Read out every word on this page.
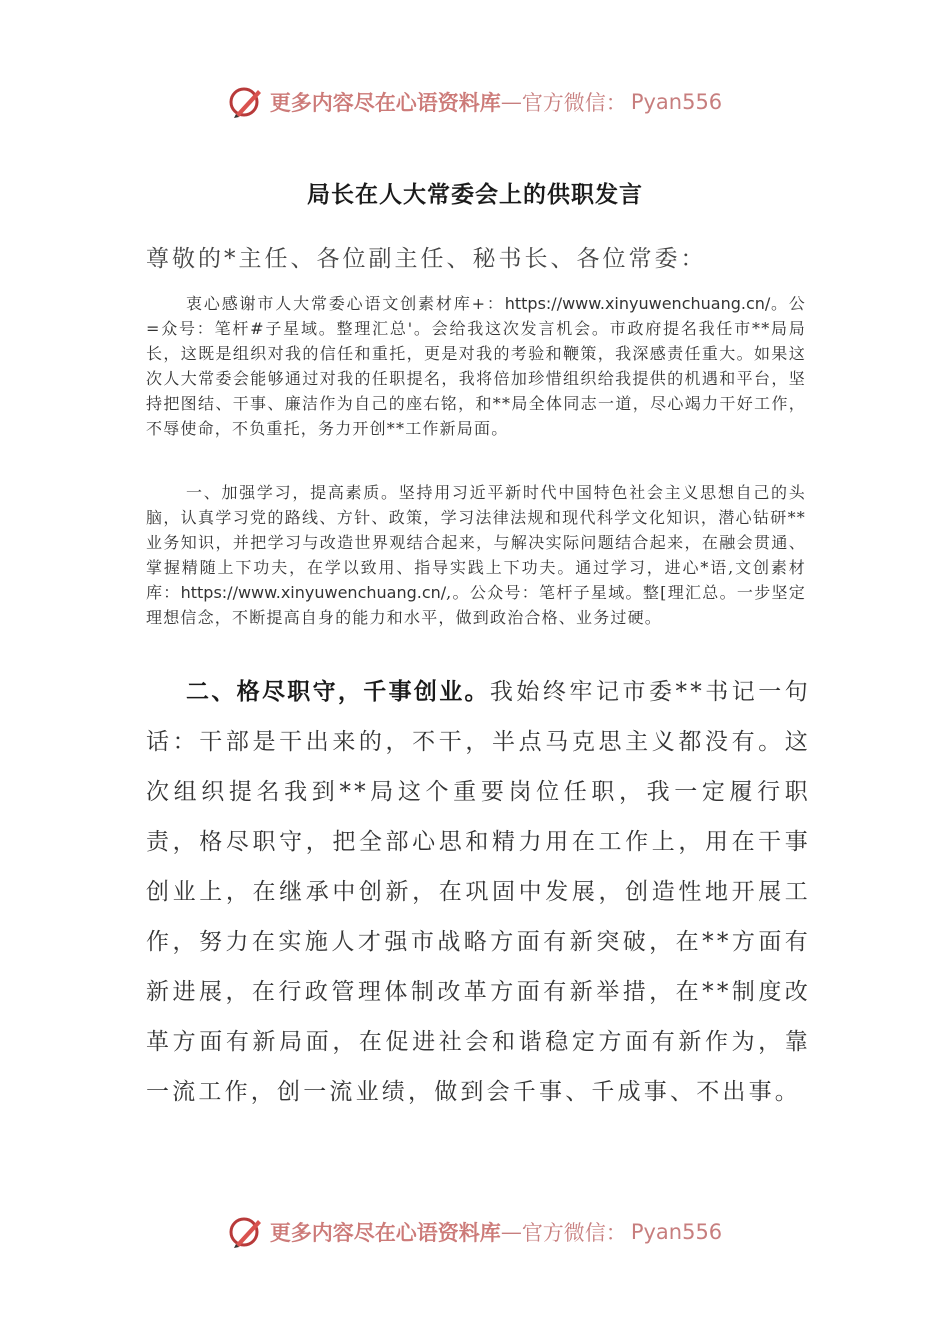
更多内容尽在心语资料库 — 官方微信： Pyan556
局长在人大常委会上的供职发言
尊敬的*主任、各位副主任、秘书长、各位常委：

衷心感谢市人大常委心语文创素材库+：https://www.xinyuwenchuang.cn/。公=众号：笔杆#子星域。整理汇总'。会给我这次发言机会。市政府提名我任市**局局长，这既是组织对我的信任和重托，更是对我的考验和鞭策，我深感责任重大。如果这次人大常委会能够通过对我的任职提名，我将倍加珍惜组织给我提供的机遇和平台，坚持把图结、干事、廉洁作为自己的座右铭，和**局全体同志一道，尽心竭力干好工作，不辱使命，不负重托，务力开创**工作新局面。

一、加强学习，提高素质。坚持用习近平新时代中国特色社会主义思想自己的头脑，认真学习党的路线、方针、政策，学习法律法规和现代科学文化知识，潜心钻研**业务知识，并把学习与改造世界观结合起来，与解决实际问题结合起来，在融会贯通、掌握精随上下功夫，在学以致用、指导实践上下功夫。通过学习，进心*语,文创素材库：https://www.xinyuwenchuang.cn/,。公众号：笔杆子星域。整[理汇总。一步坚定理想信念，不断提高自身的能力和水平，做到政治合格、业务过硬。

二、格尽职守，千事创业。我始终牢记市委**书记一句话：干部是干出来的，不干，半点马克思主义都没有。这次组织提名我到**局这个重要岗位任职，我一定履行职责，格尽职守，把全部心思和精力用在工作上，用在干事创业上，在继承中创新，在巩固中发展，创造性地开展工作，努力在实施人才强市战略方面有新突破，在**方面有新进展，在行政管理体制改革方面有新举措，在**制度改革方面有新局面，在促进社会和谐稳定方面有新作为，靠一流工作，创一流业绩，做到会千事、千成事、不出事。

更多内容尽在心语资料库 — 官方微信： Pyan556
